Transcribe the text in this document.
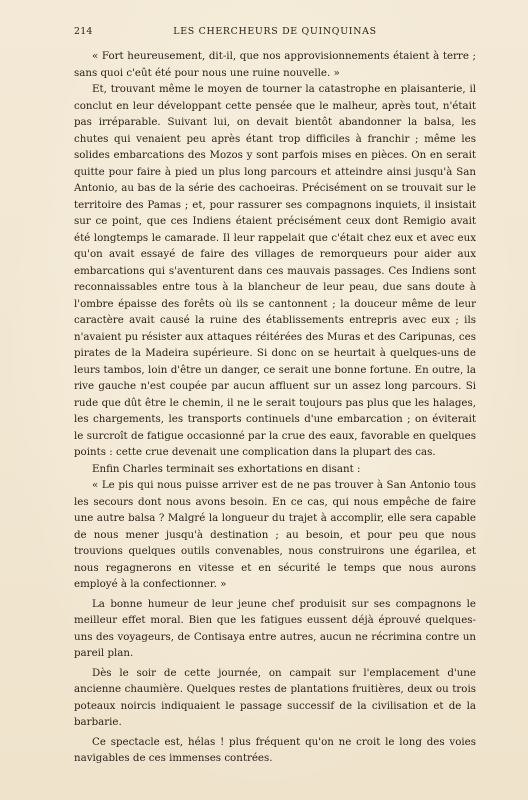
214	LES CHERCHEURS DE QUINQUINAS

« Fort heureusement, dit-il, que nos approvisionnements étaient à terre ; sans quoi c'eût été pour nous une ruine nouvelle. »

Et, trouvant même le moyen de tourner la catastrophe en plaisanterie, il conclut en leur développant cette pensée que le malheur, après tout, n'était pas irréparable. Suivant lui, on devait bientôt abandonner la balsa, les chutes qui venaient peu après étant trop difficiles à franchir ; même les solides embarcations des Mozos y sont parfois mises en pièces. On en serait quitte pour faire à pied un plus long parcours et atteindre ainsi jusqu'à San Antonio, au bas de la série des cachoeiras. Précisément on se trouvait sur le territoire des Pamas ; et, pour rassurer ses compagnons inquiets, il insistait sur ce point, que ces Indiens étaient précisément ceux dont Remigio avait été longtemps le camarade. Il leur rappelait que c'était chez eux et avec eux qu'on avait essayé de faire des villages de remorqueurs pour aider aux embarcations qui s'aventurent dans ces mauvais passages. Ces Indiens sont reconnaissables entre tous à la blancheur de leur peau, due sans doute à l'ombre épaisse des forêts où ils se cantonnent ; la douceur même de leur caractère avait causé la ruine des établissements entrepris avec eux ; ils n'avaient pu résister aux attaques réitérées des Muras et des Caripunas, ces pirates de la Madeira supérieure. Si donc on se heurtait à quelques-uns de leurs tambos, loin d'être un danger, ce serait une bonne fortune. En outre, la rive gauche n'est coupée par aucun affluent sur un assez long parcours. Si rude que dût être le chemin, il ne le serait toujours pas plus que les halages, les chargements, les transports continuels d'une embarcation ; on éviterait le surcroît de fatigue occasionné par la crue des eaux, favorable en quelques points : cette crue devenait une complication dans la plupart des cas.

Enfin Charles terminait ses exhortations en disant :

« Le pis qui nous puisse arriver est de ne pas trouver à San Antonio tous les secours dont nous avons besoin. En ce cas, qui nous empêche de faire une autre balsa ? Malgré la longueur du trajet à accomplir, elle sera capable de nous mener jusqu'à destination ; au besoin, et pour peu que nous trouvions quelques outils convenables, nous construirons une égarilea, et nous regagnerons en vitesse et en sécurité le temps que nous aurons employé à la confectionner. »

La bonne humeur de leur jeune chef produisit sur ses compagnons le meilleur effet moral. Bien que les fatigues eussent déjà éprouvé quelques-uns des voyageurs, de Contisaya entre autres, aucun ne récrimina contre un pareil plan.

Dès le soir de cette journée, on campait sur l'emplacement d'une ancienne chaumière. Quelques restes de plantations fruitières, deux ou trois poteaux noircis indiquaient le passage successif de la civilisation et de la barbarie.

Ce spectacle est, hélas ! plus fréquent qu'on ne croit le long des voies navigables de ces immenses contrées.
